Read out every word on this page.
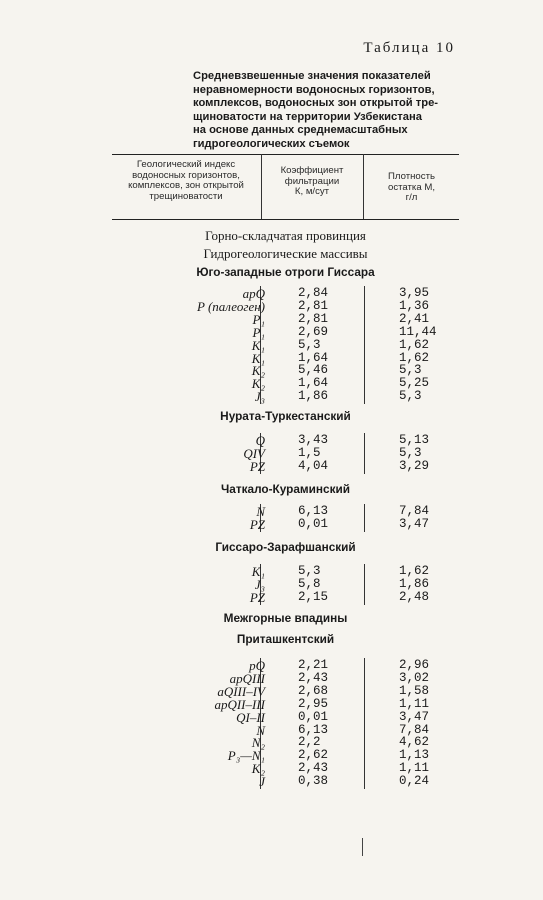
Таблица 10
Средневзвешенные значения показателей
неравномерности водоносных горизонтов,
комплексов, водоносных зон открытой тре-
щиноватости на территории Узбекистана
на основе данных среднемасштабных
гидрогеологических съемок
Геологический индекс
водоносных горизонтов,
комплексов, зон открытой
трещиноватости
Коэффициент
фильтрации
К, м/сут
Плотность
остатка М,
г/л
Горно-складчатая провинция
Гидрогеологические массивы
Юго-западные отроги Гиссара
apQ	2,84	3,95
P (палеоген)	2,81	1,36
P₁	2,81	2,41
P₁	2,69	11,44
K₁	5,3	1,62
K₁	1,64	1,62
K₂	5,46	5,3
K₂	1,64	5,25
J₃	1,86	5,3
Нурата-Туркестанский
Q	3,43	5,13
QIV	1,5	5,3
PZ	4,04	3,29
Чаткало-Кураминский
N	6,13	7,84
PZ	0,01	3,47
Гиссаро-Зарафшанский
K₁	5,3	1,62
J₃	5,8	1,86
PZ	2,15	2,48
Межгорные впадины
Приташкентский
pQ	2,21	2,96
apQIII	2,43	3,02
aQIII–IV	2,68	1,58
apQII–III	2,95	1,11
QI–II	0,01	3,47
N	6,13	7,84
N₂	2,2	4,62
P₃—N₁	2,62	1,13
K₂	2,43	1,11
J	0,38	0,24
